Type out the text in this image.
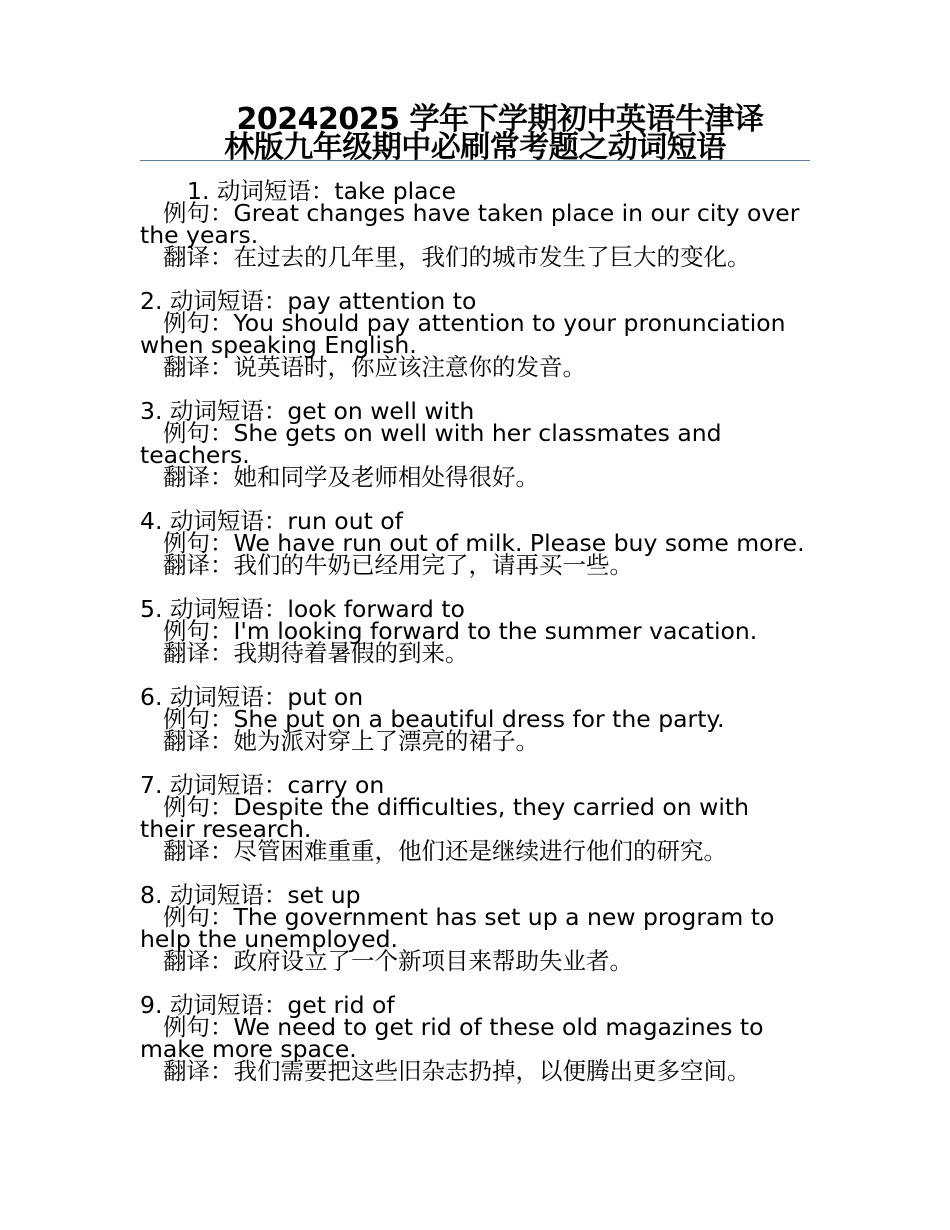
20242025 学年下学期初中英语牛津译
林版九年级期中必刷常考题之动词短语
1. 动词短语：take place
例句：Great changes have taken place in our city over the years.
翻译：在过去的几年里，我们的城市发生了巨大的变化。
2. 动词短语：pay attention to
例句：You should pay attention to your pronunciation when speaking English.
翻译：说英语时，你应该注意你的发音。
3. 动词短语：get on well with
例句：She gets on well with her classmates and teachers.
翻译：她和同学及老师相处得很好。
4. 动词短语：run out of
例句：We have run out of milk. Please buy some more.
翻译：我们的牛奶已经用完了，请再买一些。
5. 动词短语：look forward to
例句：I'm looking forward to the summer vacation.
翻译：我期待着暑假的到来。
6. 动词短语：put on
例句：She put on a beautiful dress for the party.
翻译：她为派对穿上了漂亮的裙子。
7. 动词短语：carry on
例句：Despite the difficulties, they carried on with their research.
翻译：尽管困难重重，他们还是继续进行他们的研究。
8. 动词短语：set up
例句：The government has set up a new program to help the unemployed.
翻译：政府设立了一个新项目来帮助失业者。
9. 动词短语：get rid of
例句：We need to get rid of these old magazines to make more space.
翻译：我们需要把这些旧杂志扔掉，以便腾出更多空间。
